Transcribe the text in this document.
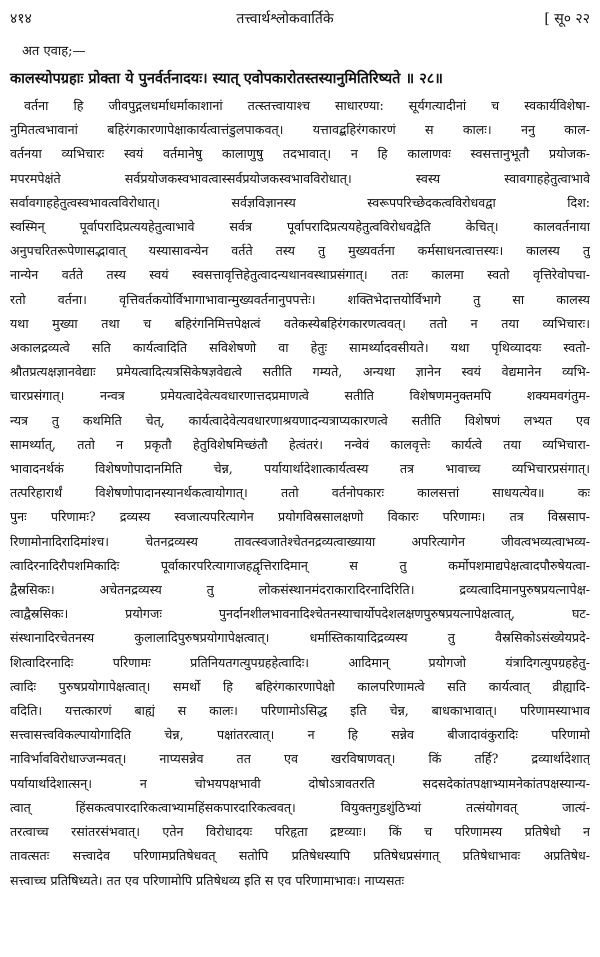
४१४	तत्त्वार्थश्लोकवार्तिके	[ सू० २२
अत एवाह;—
कालस्योपग्रहाः प्रोक्ता ये पुनर्वर्तनादयः। स्यात् एवोपकारोतस्तस्यानुमितिरिष्यते ॥ २८॥
वर्तना हि जीवपुद्गलधर्माधर्माकाशानां तत्स्तत्त्वायाश्च साधारण्या: सूर्यगत्यादीनां च स्वकार्यविशेषा-
नुमितत्वभावानां बहिरंगकारणापेक्षाकार्यत्वात्तंडुलपाकवत्। यत्तावद्बहिरंगकारणं स कालः। ननु काल-
वर्तनया व्यभिचारः स्वयं वर्तमानेषु कालाणुषु तदभावात्। न हि कालाणवः स्वसत्तानुभूतौ प्रयोजक-
मपरमपेक्षंते सर्वप्रयोजकस्वभावत्वास्सर्वप्रयोजकस्वभावविरोधात्। स्वस्य स्वावगाहहेतुत्वाभावे
सर्वावगाहहेतुत्वस्वभावत्वविरोधात्। सर्वज्ञविज्ञानस्य स्वरूपपरिच्छेदकत्वविरोधवद्वा दिश:
स्वस्मिन् पूर्वापरादिप्रत्ययहेतुत्वाभावे सर्वत्र पूर्वापरादिप्रत्ययहेतुत्वविरोधवद्वेति केचित्। कालवर्तनाया
अनुपचरितरूपेणासद्भावात् यस्यासावन्येन वर्तते तस्य तु मुख्यवर्तना कर्मसाधनत्वात्तस्यः। कालस्य तु
नान्येन वर्तते तस्य स्वयं स्वसत्तावृत्तिहेतुत्वादन्यथानवस्थाप्रसंगात्। ततः कालमा स्वतो वृत्तिरेवोपचा-
रतो वर्तना। वृत्तिवर्तकयोर्विभागाभावान्मुख्यवर्तनानुपपत्तेः। शक्तिभेदात्तयोर्विभागे तु सा कालस्य
यथा मुख्या तथा च बहिरंगनिमित्तपेक्षत्वं वतेकस्येबहिरंगकारणत्ववत्। ततो न तया व्यभिचारः।
अकालद्रव्यत्वे सति कार्यत्वादिति सविशेषणो वा हेतुः सामर्थ्यादवसीयते। यथा पृथिव्यादयः स्वतो-
श्रौतप्रत्यक्षज्ञानवेद्याः प्रमेयत्वादित्यत्रसिकेषज्ञवेद्यत्वे सतीति गम्यते, अन्यथा ज्ञानेन स्वयं वेद्यमानेन व्यभि-
चारप्रसंगात्। नन्वत्र प्रमेयत्वादेवेत्यवधारणात्तदप्रमाणत्वे सतीति विशेषणमनुक्तमपि शक्यमवगंतुम-
न्यत्र तु कथमिति चेत्, कार्यत्वादेवेत्यवधारणाश्रयणादन्यत्राप्यकारणत्वे सतीति विशेषणं लभ्यत एव
सामर्थ्यात्, ततो न प्रकृतौ हेतुविशेषमिच्छंतौ हेत्वंतरं। नन्वेवं कालवृत्तेः कार्यत्वे तया व्यभिचारा-
भावादनर्थकं विशेषणोपादानमिति चेन्न, पर्यायार्थादेशात्कार्यत्वस्य तत्र भावाच्च व्यभिचारप्रसंगात्।
तत्परिहारार्थं विशेषणोपादानस्यानर्थकत्वायोगात्। ततो वर्तनोपकारः कालसत्तां साधयत्येव॥ कः
पुनः परिणामः? द्रव्यस्य स्वजात्यपरित्यागेन प्रयोगविस्रसालक्षणो विकारः परिणामः। तत्र विस्रसाप-
रिणामोनादिरादिमांश्च। चेतनद्रव्यस्य तावत्स्वजातेश्चेतनद्रव्यत्वाख्याया अपरित्यागेन जीवत्वभव्यत्वाभव्य-
त्वादिरनादिरौपशमिकादिः पूर्वाकारपरित्यागाजहद्वृत्तिरादिमान् स तु कर्मोपशमाद्यपेक्षत्वादपौरुषेयत्वा-
द्वैस्रसिकः। अचेतनद्रव्यस्य तु लोकसंस्थानमंदराकारादिरनादिरिति। द्रव्यत्वादिमानपुरुषप्रयत्नापेक्ष-
त्वाद्वैस्रसिकः। प्रयोगजः पुनर्दानशीलभावनादिश्चेतनस्याचार्योपदेशलक्षणपुरुषप्रयत्नापेक्षत्वात्, घट-
संस्थानादिरचेतनस्य कुलालादिपुरुषप्रयोगापेक्षत्वात्। धर्मास्तिकायादिद्रव्यस्य तु वैस्रसिकोऽसंख्येयप्रदे-
शित्वादिरनादिः परिणामः प्रतिनियतगत्युपग्रहहेत्वादिः। आदिमान् प्रयोगजो यंत्रादिगत्युपग्रहहेतु-
त्वादिः पुरुषप्रयोगापेक्षत्वात्। समर्थो हि बहिरंगकारणापेक्षो कालपरिणामत्वे सति कार्यत्वात् व्रीह्यादि-
वदिति। यत्तत्कारणं बाह्यं स कालः। परिणामोऽसिद्ध इति चेन्न, बाधकाभावात्। परिणामस्याभाव
सत्त्वासत्त्वविकल्पायोगादिति चेन्न, पक्षांतरत्वात्। न हि सन्नेव बीजादावंकुरादिः परिणामो
नाविर्भावविरोधाज्जन्मवत्। नाप्यसन्नेव तत एव खरविषाणवत्। किं तर्हि? द्रव्यार्थादेशात्
पर्यायार्थादेशात्सन्। न चोभयपक्षभावी दोषोऽत्रावतरति सदसदेकांतपक्षाभ्यामनेकांतपक्षस्यान्य-
त्वात् हिंसकत्वपारदारिकत्वाभ्यामहिंसकपारदारिकत्ववत्। वियुक्तगुडशुंठिभ्यां तत्संयोगवत् जात्यं-
तरत्वाच्च रसांतरसंभवात्। एतेन विरोधादयः परिहृता द्रष्टव्याः। किं च परिणामस्य प्रतिषेधो न
तावत्सतः सत्त्वादेव परिणामप्रतिषेधवत् सतोपि प्रतिषेधस्यापि प्रतिषेधप्रसंगात् प्रतिषेधाभावः अप्रतिषेध-
सत्त्वाच्च प्रतिषिध्यते। तत एव परिणामोपि प्रतिषेधव्य इति स एव परिणामाभावः। नाप्यसतः
